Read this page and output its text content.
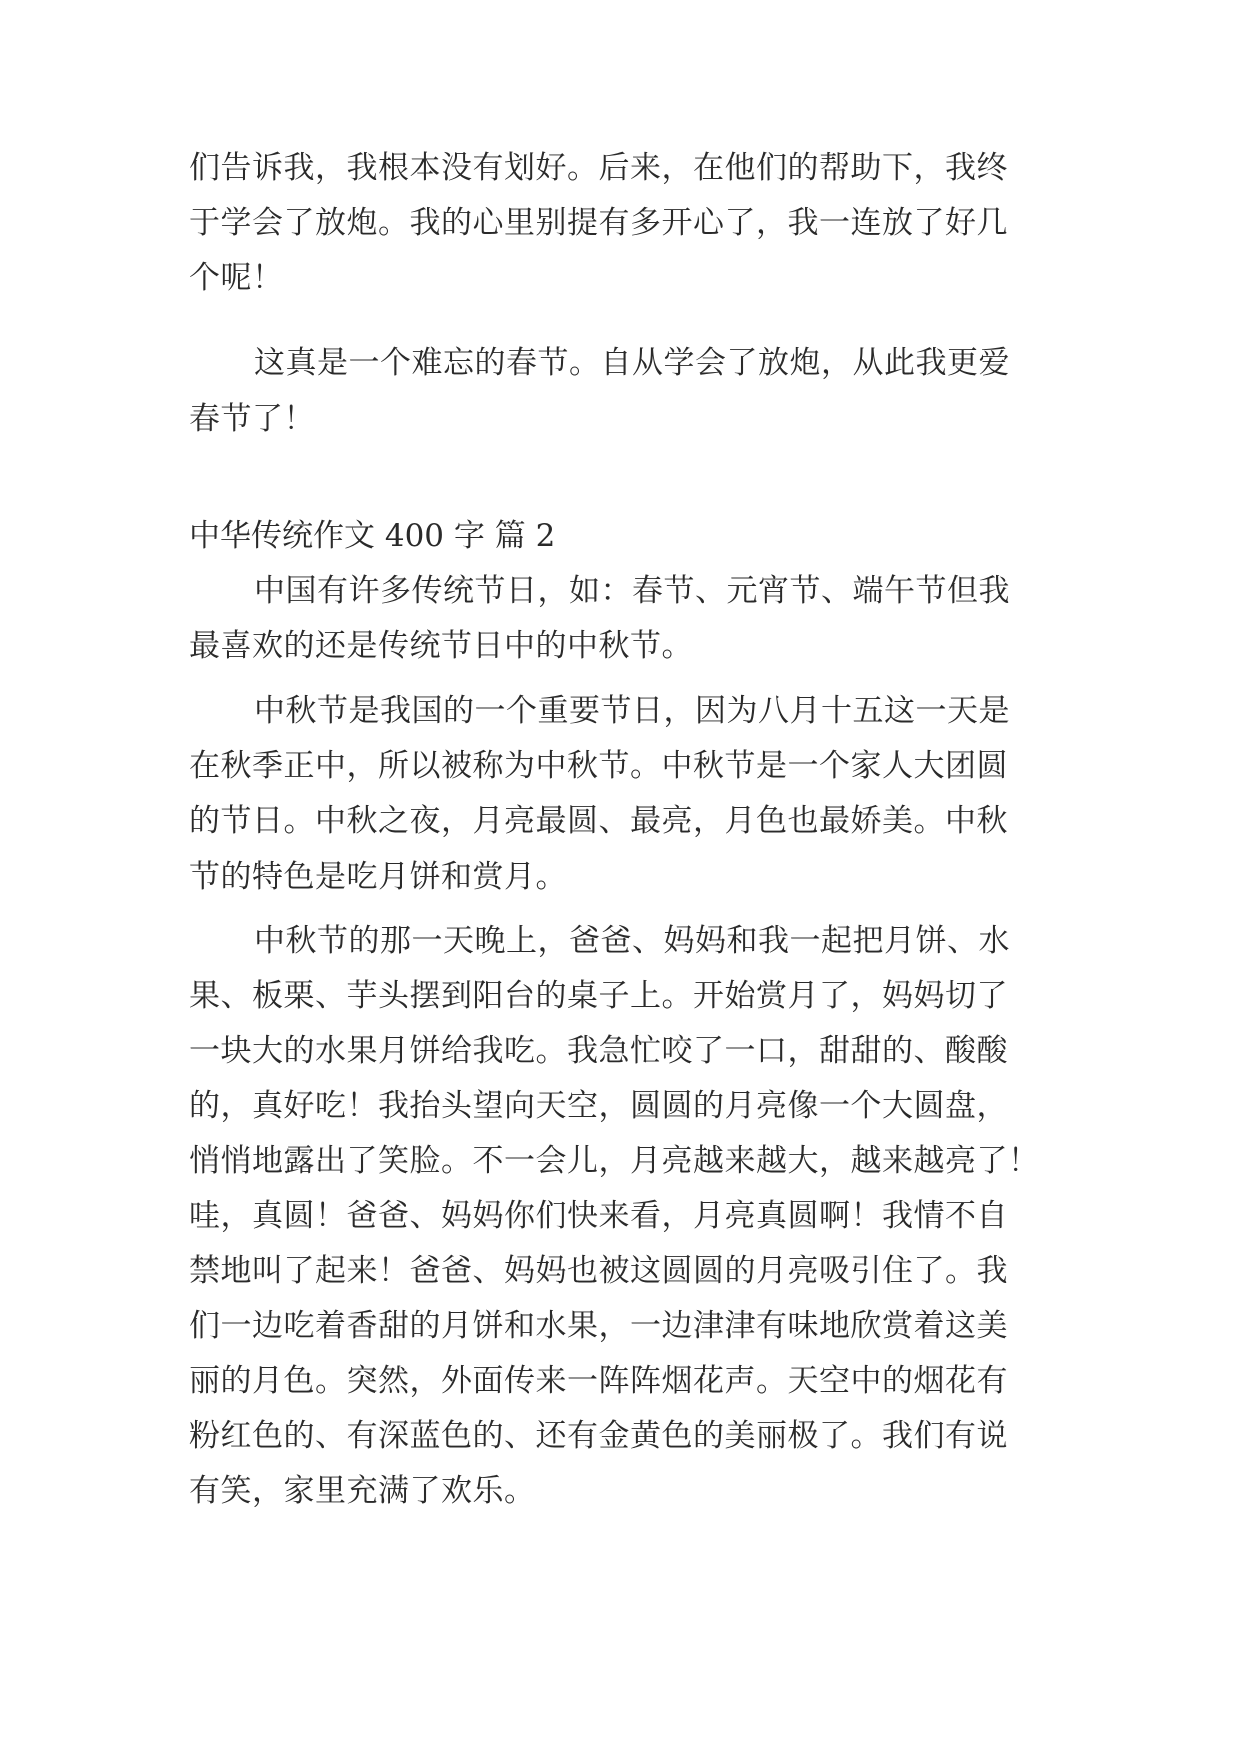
们告诉我，我根本没有划好。后来，在他们的帮助下，我终
于学会了放炮。我的心里别提有多开心了，我一连放了好几
个呢！
这真是一个难忘的春节。自从学会了放炮，从此我更爱
春节了！
中华传统作文 400 字 篇 2
中国有许多传统节日，如：春节、元宵节、端午节但我
最喜欢的还是传统节日中的中秋节。
中秋节是我国的一个重要节日，因为八月十五这一天是
在秋季正中，所以被称为中秋节。中秋节是一个家人大团圆
的节日。中秋之夜，月亮最圆、最亮，月色也最娇美。中秋
节的特色是吃月饼和赏月。
中秋节的那一天晚上，爸爸、妈妈和我一起把月饼、水
果、板栗、芋头摆到阳台的桌子上。开始赏月了，妈妈切了
一块大的水果月饼给我吃。我急忙咬了一口，甜甜的、酸酸
的，真好吃！我抬头望向天空，圆圆的月亮像一个大圆盘，
悄悄地露出了笑脸。不一会儿，月亮越来越大，越来越亮了！
哇，真圆！爸爸、妈妈你们快来看，月亮真圆啊！我情不自
禁地叫了起来！爸爸、妈妈也被这圆圆的月亮吸引住了。我
们一边吃着香甜的月饼和水果，一边津津有味地欣赏着这美
丽的月色。突然，外面传来一阵阵烟花声。天空中的烟花有
粉红色的、有深蓝色的、还有金黄色的美丽极了。我们有说
有笑，家里充满了欢乐。
